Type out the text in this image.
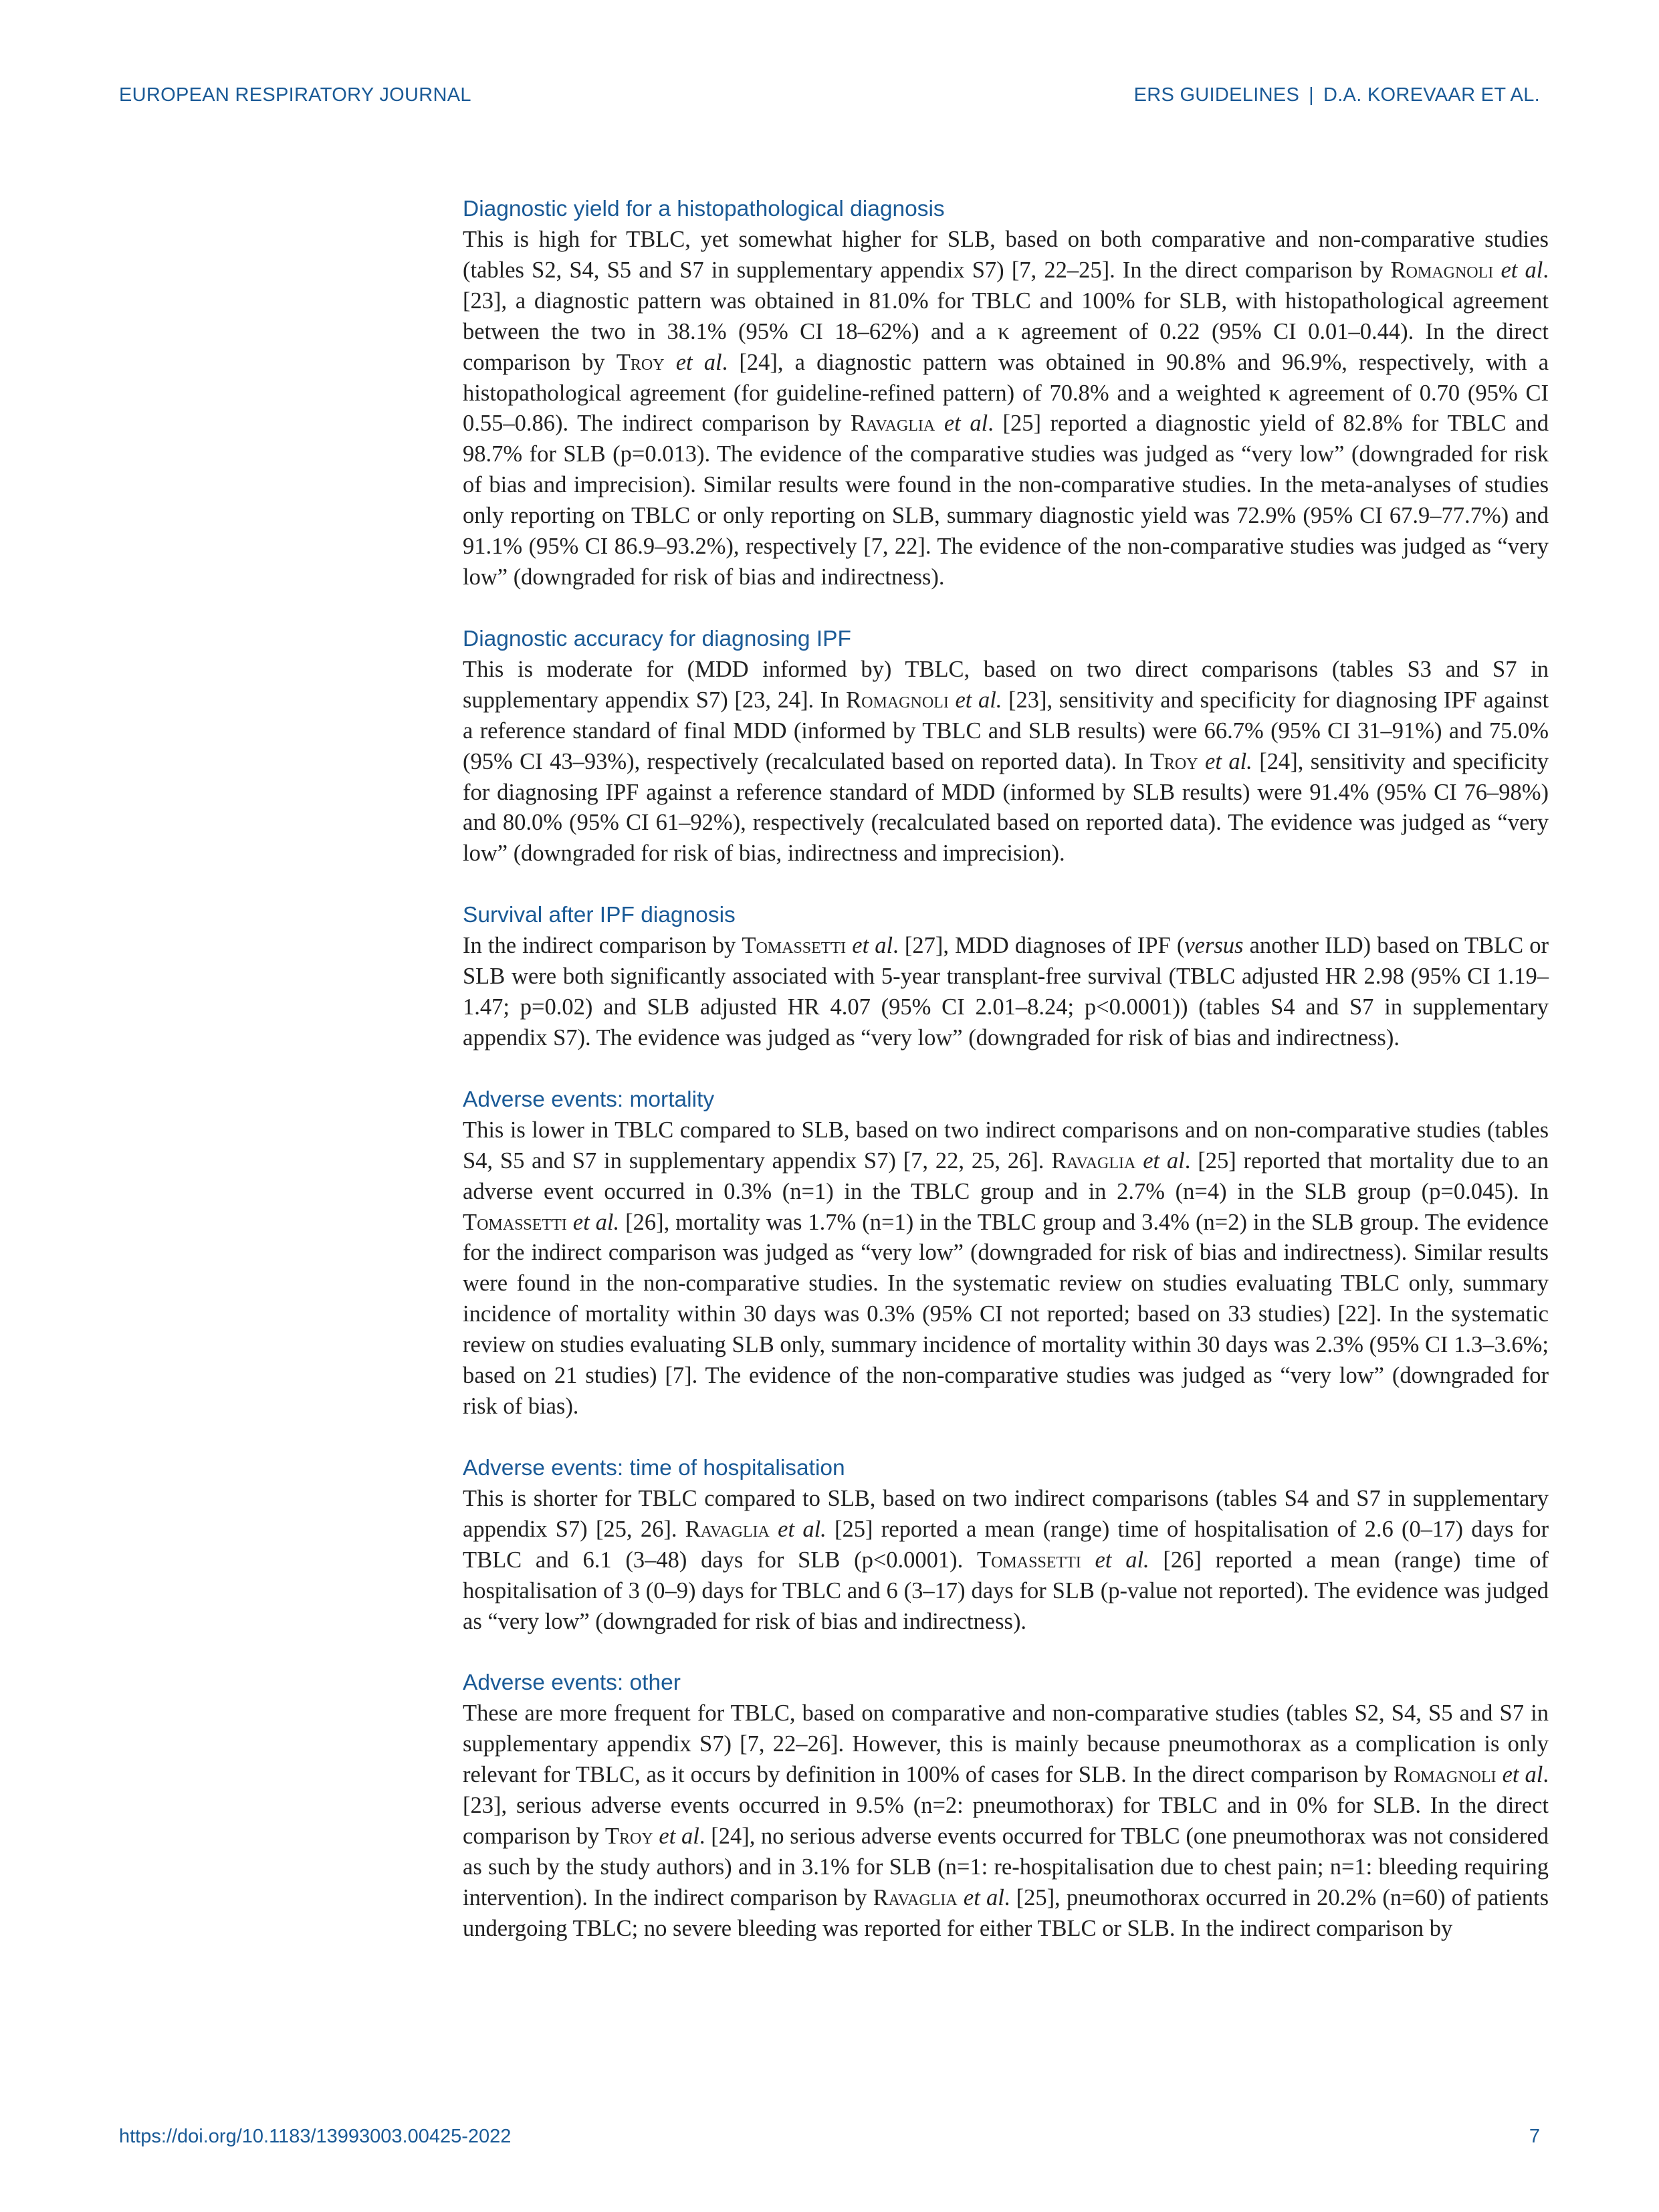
EUROPEAN RESPIRATORY JOURNAL	ERS GUIDELINES | D.A. KOREVAAR ET AL.
Diagnostic yield for a histopathological diagnosis

This is high for TBLC, yet somewhat higher for SLB, based on both comparative and non-comparative studies (tables S2, S4, S5 and S7 in supplementary appendix S7) [7, 22–25]. In the direct comparison by Romagnoli et al. [23], a diagnostic pattern was obtained in 81.0% for TBLC and 100% for SLB, with histopathological agreement between the two in 38.1% (95% CI 18–62%) and a κ agreement of 0.22 (95% CI 0.01–0.44). In the direct comparison by Troy et al. [24], a diagnostic pattern was obtained in 90.8% and 96.9%, respectively, with a histopathological agreement (for guideline-refined pattern) of 70.8% and a weighted κ agreement of 0.70 (95% CI 0.55–0.86). The indirect comparison by Ravaglia et al. [25] reported a diagnostic yield of 82.8% for TBLC and 98.7% for SLB (p=0.013). The evidence of the comparative studies was judged as “very low” (downgraded for risk of bias and imprecision). Similar results were found in the non-comparative studies. In the meta-analyses of studies only reporting on TBLC or only reporting on SLB, summary diagnostic yield was 72.9% (95% CI 67.9–77.7%) and 91.1% (95% CI 86.9–93.2%), respectively [7, 22]. The evidence of the non-comparative studies was judged as “very low” (downgraded for risk of bias and indirectness).

Diagnostic accuracy for diagnosing IPF

This is moderate for (MDD informed by) TBLC, based on two direct comparisons (tables S3 and S7 in supplementary appendix S7) [23, 24]. In Romagnoli et al. [23], sensitivity and specificity for diagnosing IPF against a reference standard of final MDD (informed by TBLC and SLB results) were 66.7% (95% CI 31–91%) and 75.0% (95% CI 43–93%), respectively (recalculated based on reported data). In Troy et al. [24], sensitivity and specificity for diagnosing IPF against a reference standard of MDD (informed by SLB results) were 91.4% (95% CI 76–98%) and 80.0% (95% CI 61–92%), respectively (recalculated based on reported data). The evidence was judged as “very low” (downgraded for risk of bias, indirectness and imprecision).

Survival after IPF diagnosis

In the indirect comparison by Tomassetti et al. [27], MDD diagnoses of IPF (versus another ILD) based on TBLC or SLB were both significantly associated with 5-year transplant-free survival (TBLC adjusted HR 2.98 (95% CI 1.19–1.47; p=0.02) and SLB adjusted HR 4.07 (95% CI 2.01–8.24; p<0.0001)) (tables S4 and S7 in supplementary appendix S7). The evidence was judged as “very low” (downgraded for risk of bias and indirectness).

Adverse events: mortality

This is lower in TBLC compared to SLB, based on two indirect comparisons and on non-comparative studies (tables S4, S5 and S7 in supplementary appendix S7) [7, 22, 25, 26]. Ravaglia et al. [25] reported that mortality due to an adverse event occurred in 0.3% (n=1) in the TBLC group and in 2.7% (n=4) in the SLB group (p=0.045). In Tomassetti et al. [26], mortality was 1.7% (n=1) in the TBLC group and 3.4% (n=2) in the SLB group. The evidence for the indirect comparison was judged as “very low” (downgraded for risk of bias and indirectness). Similar results were found in the non-comparative studies. In the systematic review on studies evaluating TBLC only, summary incidence of mortality within 30 days was 0.3% (95% CI not reported; based on 33 studies) [22]. In the systematic review on studies evaluating SLB only, summary incidence of mortality within 30 days was 2.3% (95% CI 1.3–3.6%; based on 21 studies) [7]. The evidence of the non-comparative studies was judged as “very low” (downgraded for risk of bias).

Adverse events: time of hospitalisation

This is shorter for TBLC compared to SLB, based on two indirect comparisons (tables S4 and S7 in supplementary appendix S7) [25, 26]. Ravaglia et al. [25] reported a mean (range) time of hospitalisation of 2.6 (0–17) days for TBLC and 6.1 (3–48) days for SLB (p<0.0001). Tomassetti et al. [26] reported a mean (range) time of hospitalisation of 3 (0–9) days for TBLC and 6 (3–17) days for SLB (p-value not reported). The evidence was judged as “very low” (downgraded for risk of bias and indirectness).

Adverse events: other

These are more frequent for TBLC, based on comparative and non-comparative studies (tables S2, S4, S5 and S7 in supplementary appendix S7) [7, 22–26]. However, this is mainly because pneumothorax as a complication is only relevant for TBLC, as it occurs by definition in 100% of cases for SLB. In the direct comparison by Romagnoli et al. [23], serious adverse events occurred in 9.5% (n=2: pneumothorax) for TBLC and in 0% for SLB. In the direct comparison by Troy et al. [24], no serious adverse events occurred for TBLC (one pneumothorax was not considered as such by the study authors) and in 3.1% for SLB (n=1: re-hospitalisation due to chest pain; n=1: bleeding requiring intervention). In the indirect comparison by Ravaglia et al. [25], pneumothorax occurred in 20.2% (n=60) of patients undergoing TBLC; no severe bleeding was reported for either TBLC or SLB. In the indirect comparison by

https://doi.org/10.1183/13993003.00425-2022	7
